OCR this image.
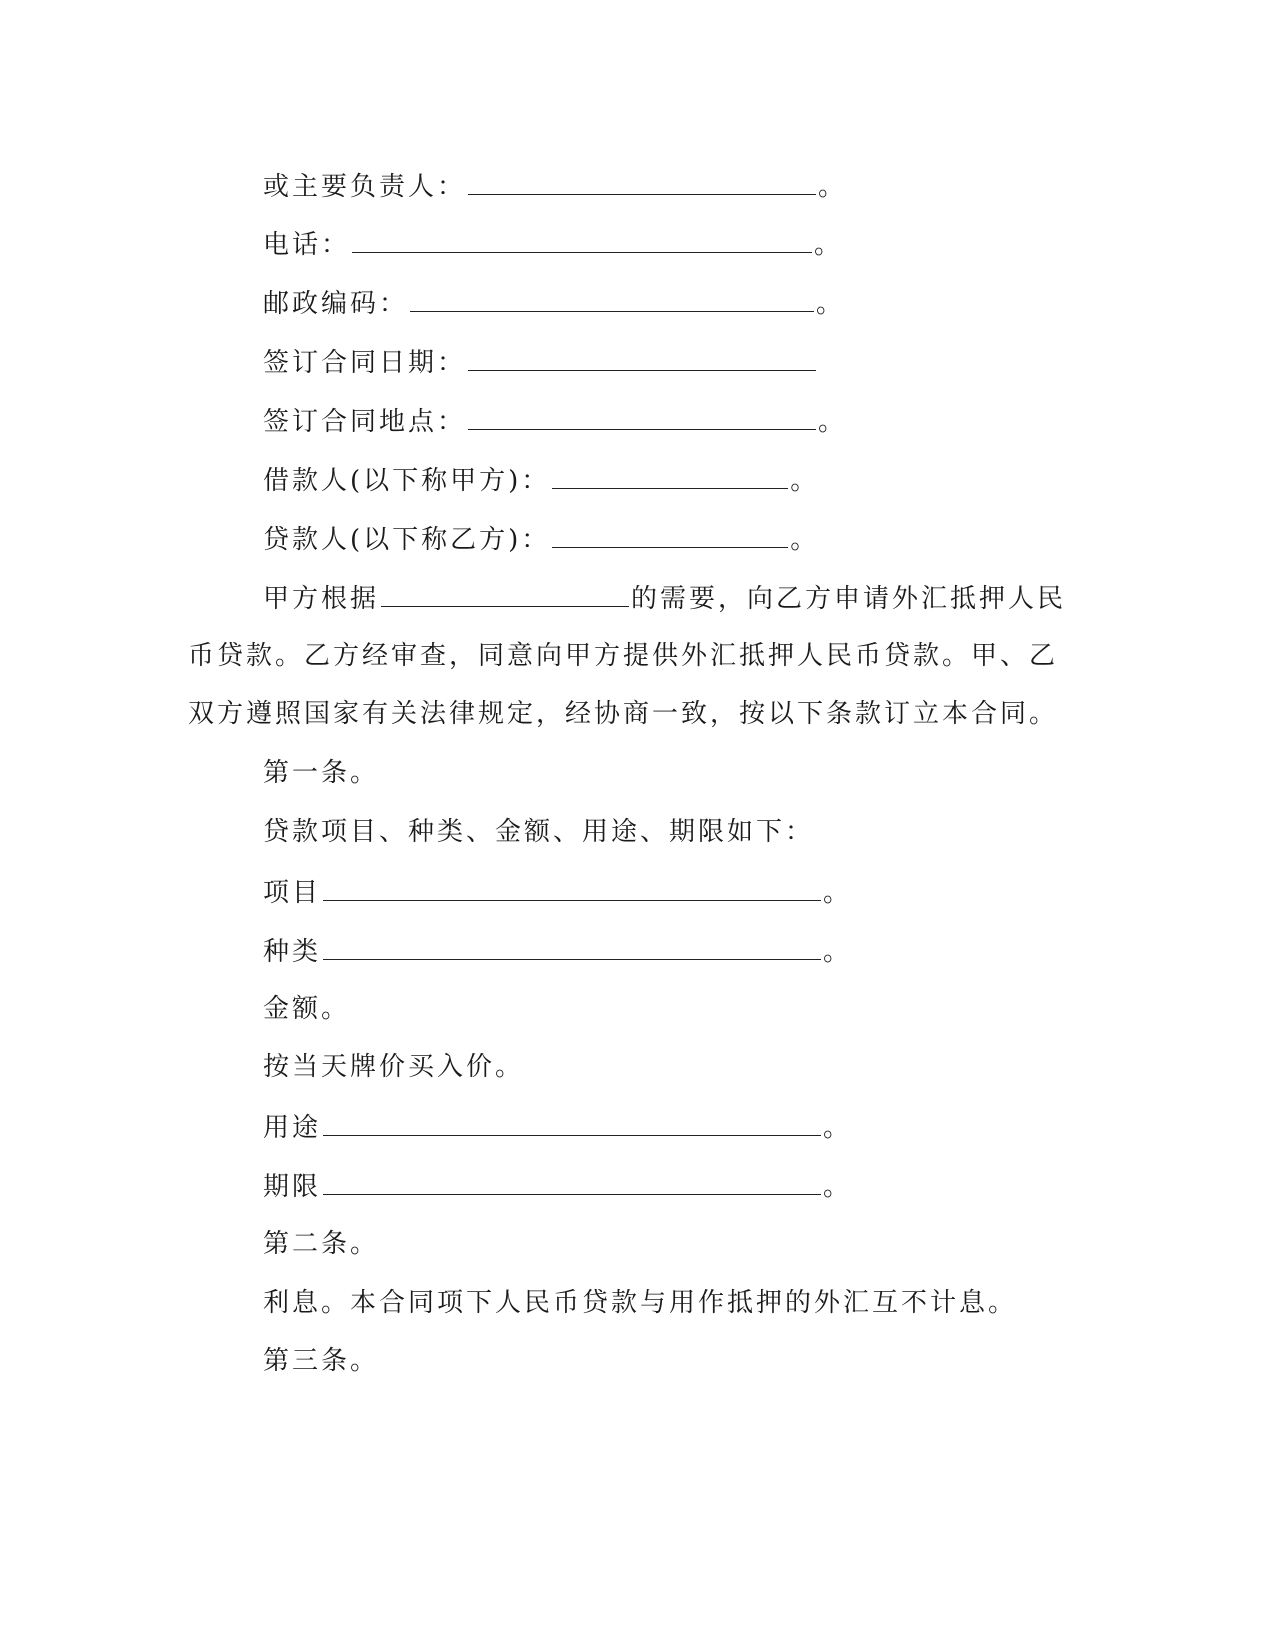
或主要负责人：	。
电话：	。
邮政编码：	。
签订合同日期：
签订合同地点：	。
借款人(以下称甲方)：	。
贷款人(以下称乙方)：	。
甲方根据	的需要，向乙方申请外汇抵押人民
币贷款。乙方经审查，同意向甲方提供外汇抵押人民币贷款。甲、乙
双方遵照国家有关法律规定，经协商一致，按以下条款订立本合同。
第一条。
贷款项目、种类、金额、用途、期限如下：
项目	。
种类	。
金额。
按当天牌价买入价。
用途	。
期限	。
第二条。
利息。本合同项下人民币贷款与用作抵押的外汇互不计息。
第三条。
